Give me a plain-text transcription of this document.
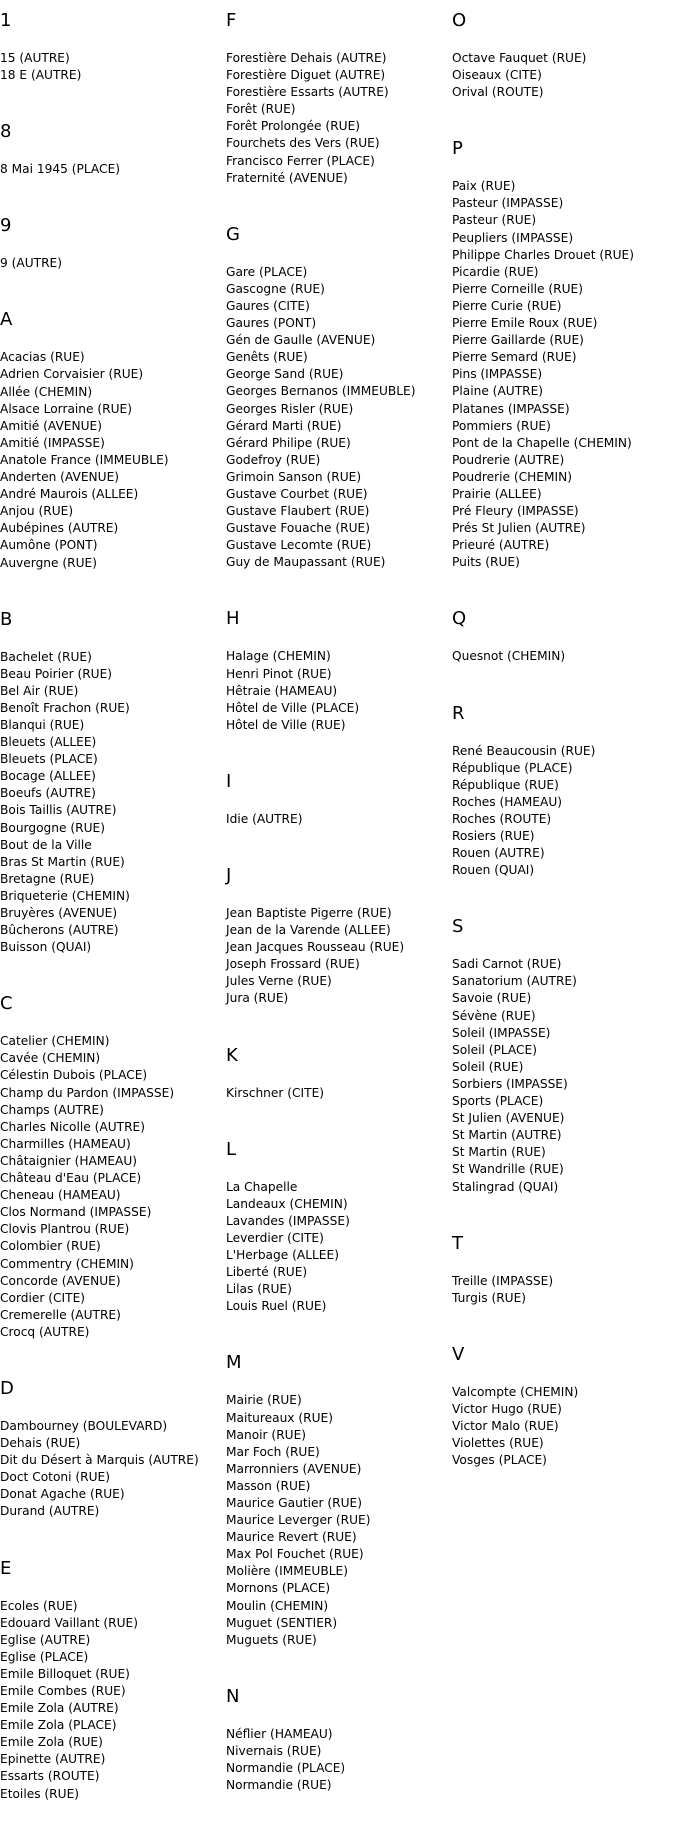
1
15 (AUTRE)
18 E (AUTRE)
8
8 Mai 1945 (PLACE)
9
9 (AUTRE)
A
Acacias (RUE)
Adrien Corvaisier (RUE)
Allée (CHEMIN)
Alsace Lorraine (RUE)
Amitié (AVENUE)
Amitié (IMPASSE)
Anatole France (IMMEUBLE)
Anderten (AVENUE)
André Maurois (ALLEE)
Anjou (RUE)
Aubépines (AUTRE)
Aumône (PONT)
Auvergne (RUE)
B
Bachelet (RUE)
Beau Poirier (RUE)
Bel Air (RUE)
Benoît Frachon (RUE)
Blanqui (RUE)
Bleuets (ALLEE)
Bleuets (PLACE)
Bocage (ALLEE)
Boeufs (AUTRE)
Bois Taillis (AUTRE)
Bourgogne (RUE)
Bout de la Ville
Bras St Martin (RUE)
Bretagne (RUE)
Briqueterie (CHEMIN)
Bruyères (AVENUE)
Bûcherons (AUTRE)
Buisson (QUAI)
C
Catelier (CHEMIN)
Cavée (CHEMIN)
Célestin Dubois (PLACE)
Champ du Pardon (IMPASSE)
Champs (AUTRE)
Charles Nicolle (AUTRE)
Charmilles (HAMEAU)
Châtaignier (HAMEAU)
Château d'Eau (PLACE)
Cheneau (HAMEAU)
Clos Normand (IMPASSE)
Clovis Plantrou (RUE)
Colombier (RUE)
Commentry (CHEMIN)
Concorde (AVENUE)
Cordier (CITE)
Cremerelle (AUTRE)
Crocq (AUTRE)
D
Dambourney (BOULEVARD)
Dehais (RUE)
Dit du Désert à Marquis (AUTRE)
Doct Cotoni (RUE)
Donat Agache (RUE)
Durand (AUTRE)
E
Ecoles (RUE)
Edouard Vaillant (RUE)
Eglise (AUTRE)
Eglise (PLACE)
Emile Billoquet (RUE)
Emile Combes (RUE)
Emile Zola (AUTRE)
Emile Zola (PLACE)
Emile Zola (RUE)
Epinette (AUTRE)
Essarts (ROUTE)
Etoiles (RUE)
F
Forestière Dehais (AUTRE)
Forestière Diguet (AUTRE)
Forestière Essarts (AUTRE)
Forêt (RUE)
Forêt Prolongée (RUE)
Fourchets des Vers (RUE)
Francisco Ferrer (PLACE)
Fraternité (AVENUE)
G
Gare (PLACE)
Gascogne (RUE)
Gaures (CITE)
Gaures (PONT)
Gén de Gaulle (AVENUE)
Genêts (RUE)
George Sand (RUE)
Georges Bernanos (IMMEUBLE)
Georges Risler (RUE)
Gérard Marti (RUE)
Gérard Philipe (RUE)
Godefroy (RUE)
Grimoin Sanson (RUE)
Gustave Courbet (RUE)
Gustave Flaubert (RUE)
Gustave Fouache (RUE)
Gustave Lecomte (RUE)
Guy de Maupassant (RUE)
H
Halage (CHEMIN)
Henri Pinot (RUE)
Hêtraie (HAMEAU)
Hôtel de Ville (PLACE)
Hôtel de Ville (RUE)
I
Idie (AUTRE)
J
Jean Baptiste Pigerre (RUE)
Jean de la Varende (ALLEE)
Jean Jacques Rousseau (RUE)
Joseph Frossard (RUE)
Jules Verne (RUE)
Jura (RUE)
K
Kirschner (CITE)
L
La Chapelle
Landeaux (CHEMIN)
Lavandes (IMPASSE)
Leverdier (CITE)
L'Herbage (ALLEE)
Liberté (RUE)
Lilas (RUE)
Louis Ruel (RUE)
M
Mairie (RUE)
Maitureaux (RUE)
Manoir (RUE)
Mar Foch (RUE)
Marronniers (AVENUE)
Masson (RUE)
Maurice Gautier (RUE)
Maurice Leverger (RUE)
Maurice Revert (RUE)
Max Pol Fouchet (RUE)
Molière (IMMEUBLE)
Mornons (PLACE)
Moulin (CHEMIN)
Muguet (SENTIER)
Muguets (RUE)
N
Néflier (HAMEAU)
Nivernais (RUE)
Normandie (PLACE)
Normandie (RUE)
O
Octave Fauquet (RUE)
Oiseaux (CITE)
Orival (ROUTE)
P
Paix (RUE)
Pasteur (IMPASSE)
Pasteur (RUE)
Peupliers (IMPASSE)
Philippe Charles Drouet (RUE)
Picardie (RUE)
Pierre Corneille (RUE)
Pierre Curie (RUE)
Pierre Emile Roux (RUE)
Pierre Gaillarde (RUE)
Pierre Semard (RUE)
Pins (IMPASSE)
Plaine (AUTRE)
Platanes (IMPASSE)
Pommiers (RUE)
Pont de la Chapelle (CHEMIN)
Poudrerie (AUTRE)
Poudrerie (CHEMIN)
Prairie (ALLEE)
Pré Fleury (IMPASSE)
Prés St Julien (AUTRE)
Prieuré (AUTRE)
Puits (RUE)
Q
Quesnot (CHEMIN)
R
René Beaucousin (RUE)
République (PLACE)
République (RUE)
Roches (HAMEAU)
Roches (ROUTE)
Rosiers (RUE)
Rouen (AUTRE)
Rouen (QUAI)
S
Sadi Carnot (RUE)
Sanatorium (AUTRE)
Savoie (RUE)
Sévène (RUE)
Soleil (IMPASSE)
Soleil (PLACE)
Soleil (RUE)
Sorbiers (IMPASSE)
Sports (PLACE)
St Julien (AVENUE)
St Martin (AUTRE)
St Martin (RUE)
St Wandrille (RUE)
Stalingrad (QUAI)
T
Treille (IMPASSE)
Turgis (RUE)
V
Valcompte (CHEMIN)
Victor Hugo (RUE)
Victor Malo (RUE)
Violettes (RUE)
Vosges (PLACE)
